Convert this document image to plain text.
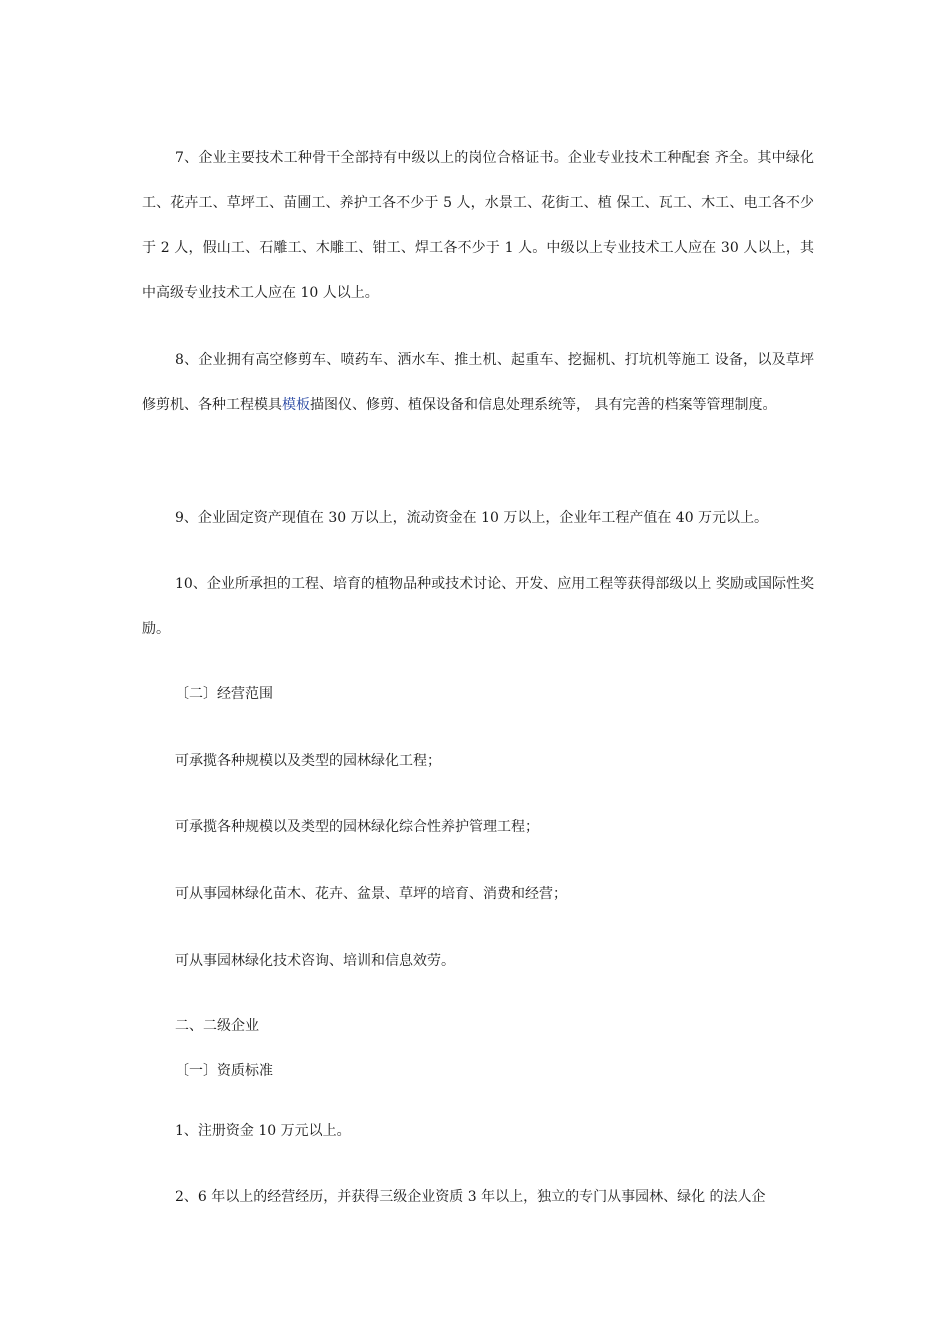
7、企业主要技术工种骨干全部持有中级以上的岗位合格证书。企业专业技术工种配套 齐全。其中绿化工、花卉工、草坪工、苗圃工、养护工各不少于 5 人，水景工、花街工、植 保工、瓦工、木工、电工各不少于 2 人，假山工、石雕工、木雕工、钳工、焊工各不少于 1 人。中级以上专业技术工人应在 30 人以上，其中高级专业技术工人应在 10 人以上。

8、企业拥有高空修剪车、喷药车、洒水车、推土机、起重车、挖掘机、打坑机等施工 设备，以及草坪修剪机、各种工程模具模板描图仪、修剪、植保设备和信息处理系统等， 具有完善的档案等管理制度。

9、企业固定资产现值在 30 万以上，流动资金在 10 万以上，企业年工程产值在 40 万元以上。

10、企业所承担的工程、培育的植物品种或技术讨论、开发、应用工程等获得部级以上 奖励或国际性奖励。

〔二〕经营范围

可承揽各种规模以及类型的园林绿化工程；

可承揽各种规模以及类型的园林绿化综合性养护管理工程；

可从事园林绿化苗木、花卉、盆景、草坪的培育、消费和经营；

可从事园林绿化技术咨询、培训和信息效劳。

二、二级企业

〔一〕资质标准

1、注册资金 10 万元以上。

2、6 年以上的经营经历，并获得三级企业资质 3 年以上，独立的专门从事园林、绿化 的法人企
